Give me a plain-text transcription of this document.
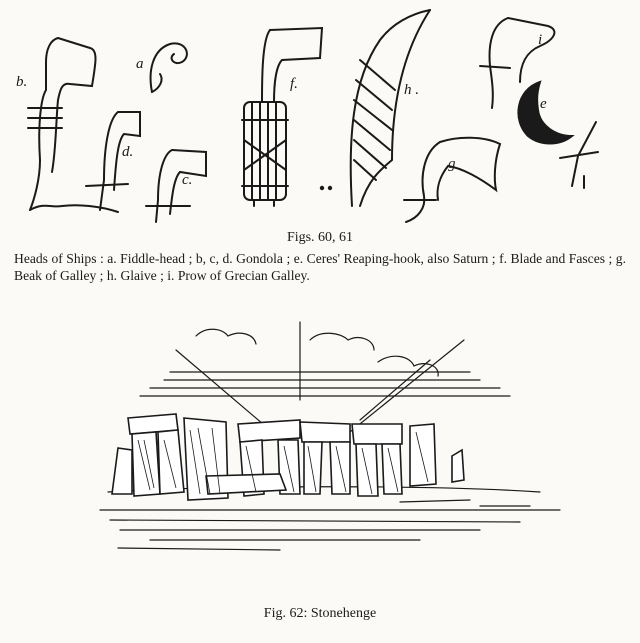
b.
a
d.
c.
f.	h .
i
e
g
Figs. 60, 61
Heads of Ships : a. Fiddle-head ; b, c, d. Gondola ; e. Ceres' Reaping-hook, also Saturn ; f. Blade and Fasces ; g. Beak of Galley ; h. Glaive ; i. Prow of Grecian Galley.
Fig. 62: Stonehenge
